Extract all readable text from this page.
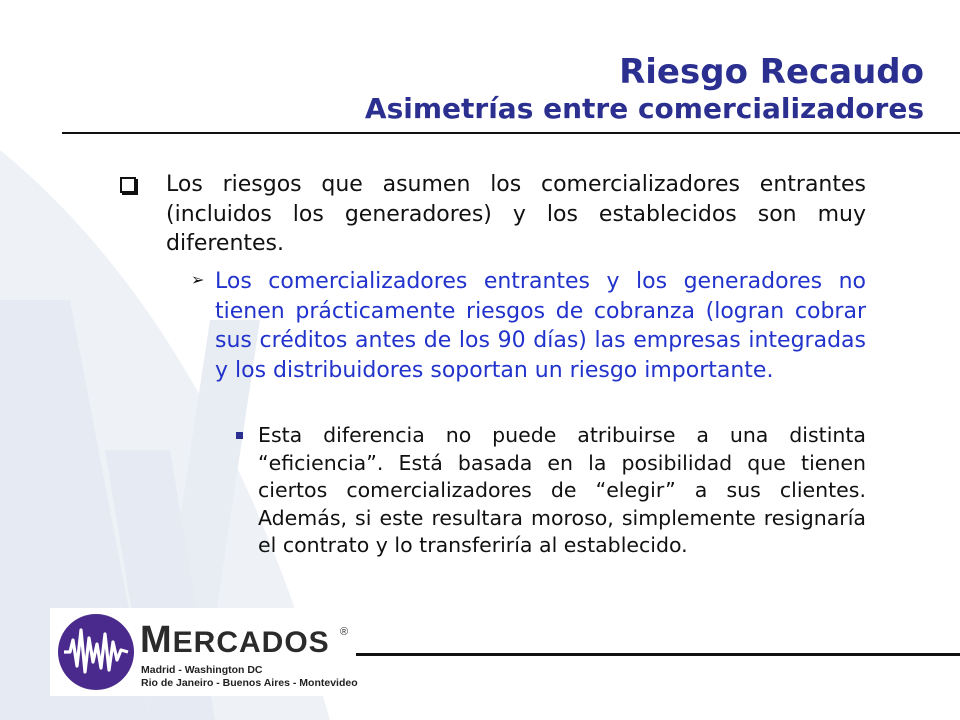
Riesgo Recaudo
Asimetrías entre comercializadores
Los riesgos que asumen los comercializadores entrantes (incluidos los generadores) y los establecidos son muy diferentes.
➢ Los comercializadores entrantes y los generadores no tienen prácticamente riesgos de cobranza (logran cobrar sus créditos antes de los 90 días) las empresas integradas y los distribuidores soportan un riesgo importante.
Esta diferencia no puede atribuirse a una distinta “eficiencia”. Está basada en la posibilidad que tienen ciertos comercializadores de “elegir” a sus clientes. Además, si este resultara moroso, simplemente resignaría el contrato y lo transferiría al establecido.
MERCADOS ®
Madrid - Washington DC
Rio de Janeiro - Buenos Aires - Montevideo
